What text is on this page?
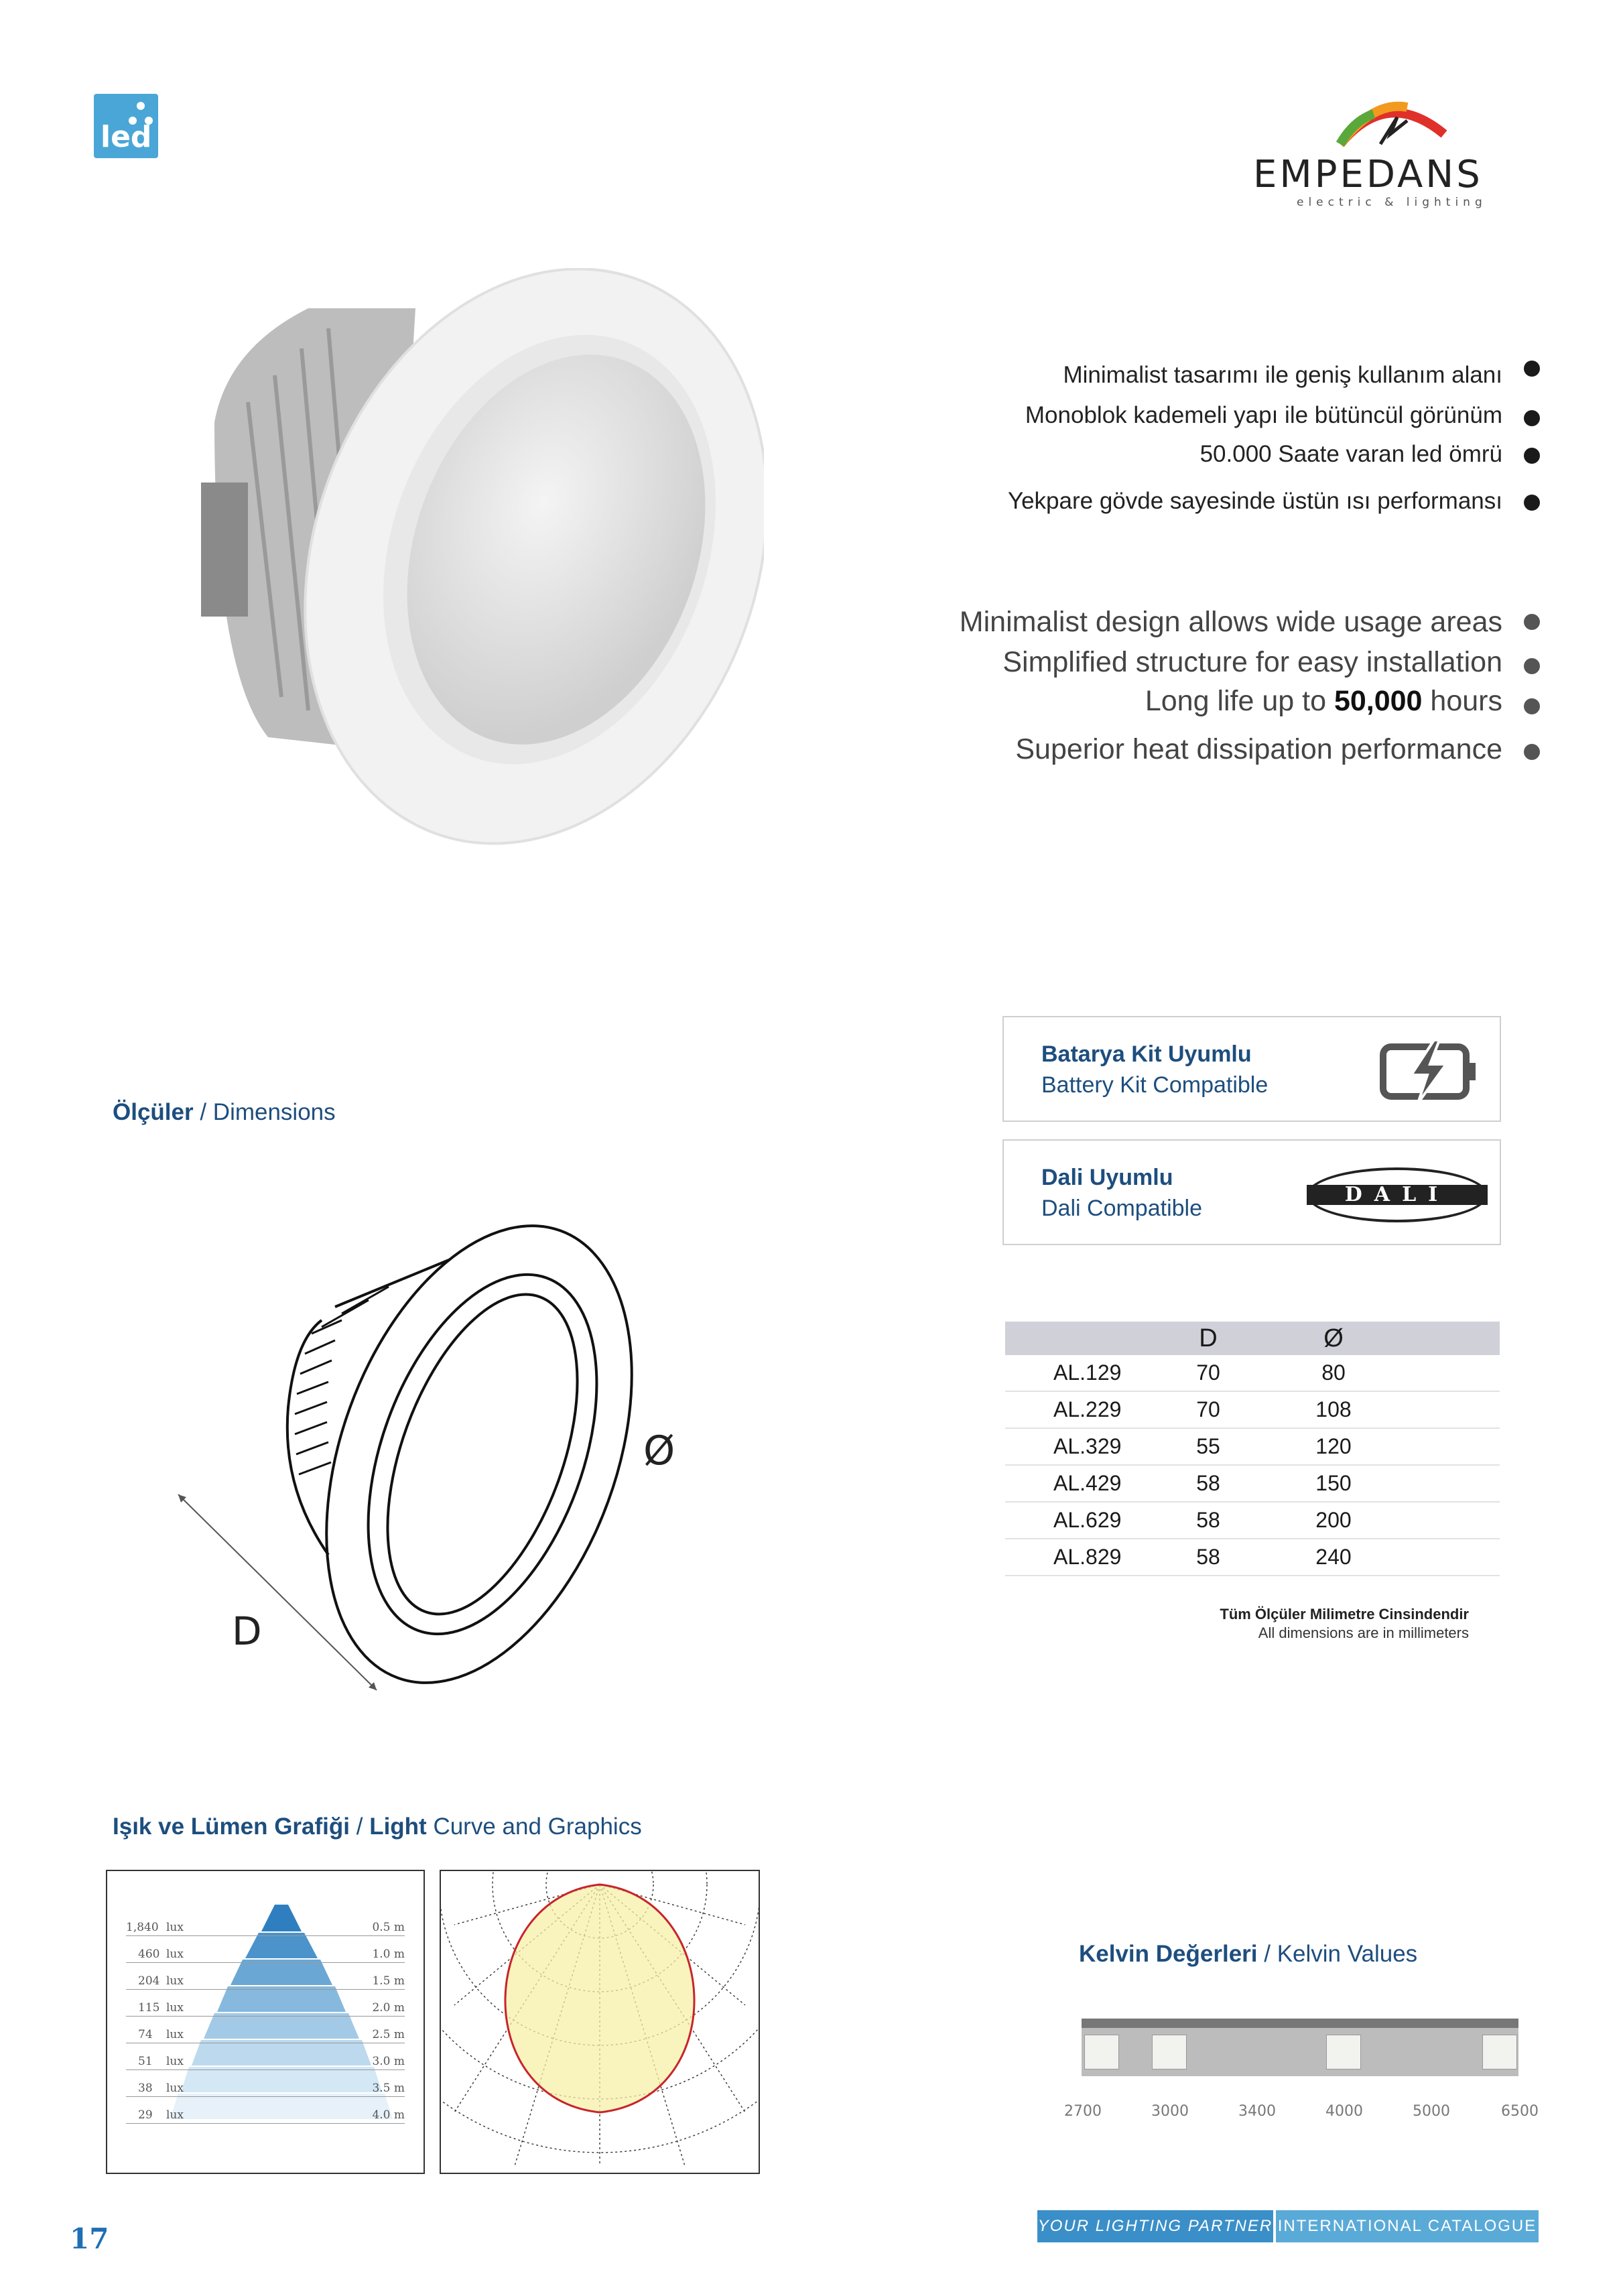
led
EMPEDANS
electric & lighting
Minimalist tasarımı ile geniş kullanım alanı
Monoblok kademeli yapı ile bütüncül görünüm
50.000 Saate varan led ömrü
Yekpare gövde sayesinde üstün ısı performansı
Minimalist design allows wide usage areas
Simplified structure for easy installation
Long life up to 50,000 hours
Superior heat dissipation performance
Ölçüler / Dimensions
Batarya Kit Uyumlu
Battery Kit Compatible
Dali Uyumlu
Dali Compatible
DALI
Ø
D
	D	Ø	
AL.129	70	80	
AL.229	70	108	
AL.329	55	120	
AL.429	58	150	
AL.629	58	200	
AL.829	58	240	
Tüm Ölçüler Milimetre Cinsindendir
All dimensions are in millimeters
Işık ve Lümen Grafiği / Light Curve and Graphics
1,840 lux	0.5 m
460 lux	1.0 m
204 lux	1.5 m
115 lux	2.0 m
74 lux	2.5 m
51 lux	3.0 m
38 lux	3.5 m
29 lux	4.0 m
Kelvin Değerleri / Kelvin Values
2700	3000	3400	4000	5000	6500
17	YOUR LIGHTING PARTNER INTERNATIONAL CATALOGUE
